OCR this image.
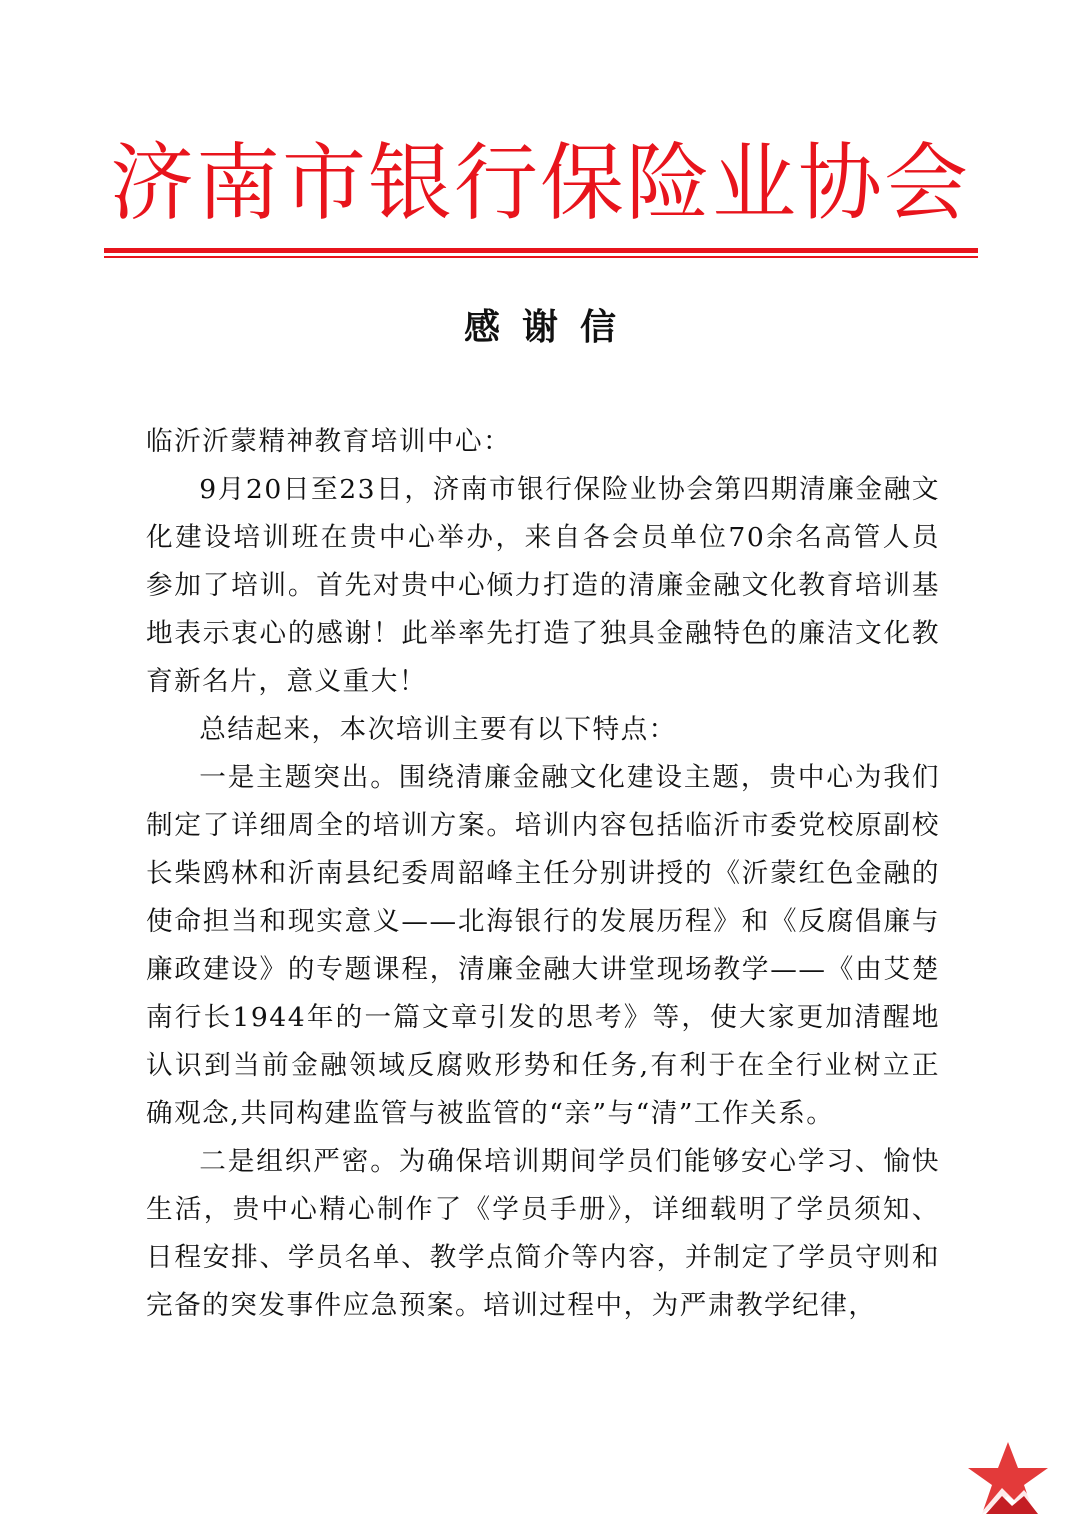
济南市银行保险业协会
感谢信

临沂沂蒙精神教育培训中心：

9月20日至23日，济南市银行保险业协会第四期清廉金融文化建设培训班在贵中心举办，来自各会员单位70余名高管人员参加了培训。首先对贵中心倾力打造的清廉金融文化教育培训基地表示衷心的感谢！此举率先打造了独具金融特色的廉洁文化教育新名片，意义重大！

总结起来，本次培训主要有以下特点：

一是主题突出。围绕清廉金融文化建设主题，贵中心为我们制定了详细周全的培训方案。培训内容包括临沂市委党校原副校长柴鸥林和沂南县纪委周韶峰主任分别讲授的《沂蒙红色金融的使命担当和现实意义——北海银行的发展历程》和《反腐倡廉与廉政建设》的专题课程，清廉金融大讲堂现场教学——《由艾楚南行长1944年的一篇文章引发的思考》等，使大家更加清醒地认识到当前金融领域反腐败形势和任务,有利于在全行业树立正确观念,共同构建监管与被监管的“亲”与“清”工作关系。

二是组织严密。为确保培训期间学员们能够安心学习、愉快生活，贵中心精心制作了《学员手册》，详细载明了学员须知、日程安排、学员名单、教学点简介等内容，并制定了学员守则和完备的突发事件应急预案。培训过程中，为严肃教学纪律，
